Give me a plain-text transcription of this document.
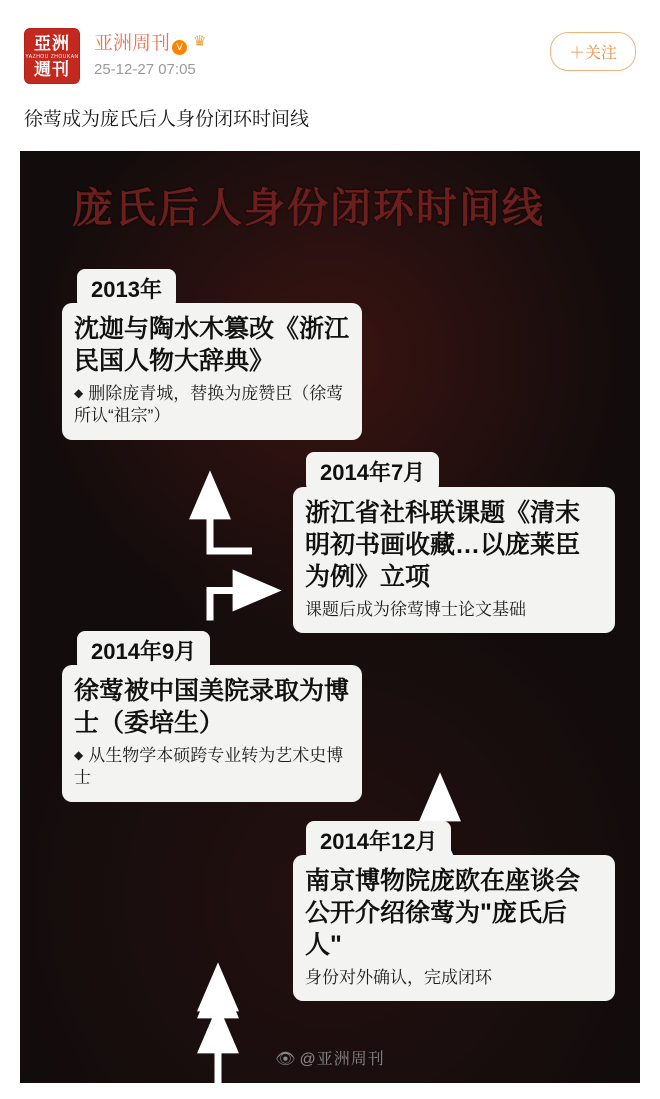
亞洲
YAZHOU ZHOUKAN
週刊
亚洲周刊 V ♛
25-12-27 07:05
＋关注
徐莺成为庞氏后人身份闭环时间线
庞氏后人身份闭环时间线
2013年
沈迦与陶水木篡改《浙江民国人物大辞典》
◆ 删除庞青城，替换为庞赞臣（徐莺所认“祖宗”）
2014年7月
浙江省社科联课题《清末明初书画收藏…以庞莱臣为例》立项
课题后成为徐莺博士论文基础
2014年9月
徐莺被中国美院录取为博士（委培生）
◆ 从生物学本硕跨专业转为艺术史博士
2014年12月
南京博物院庞欧在座谈会公开介绍徐莺为"庞氏后人"
身份对外确认，完成闭环
👁 @亚洲周刊
